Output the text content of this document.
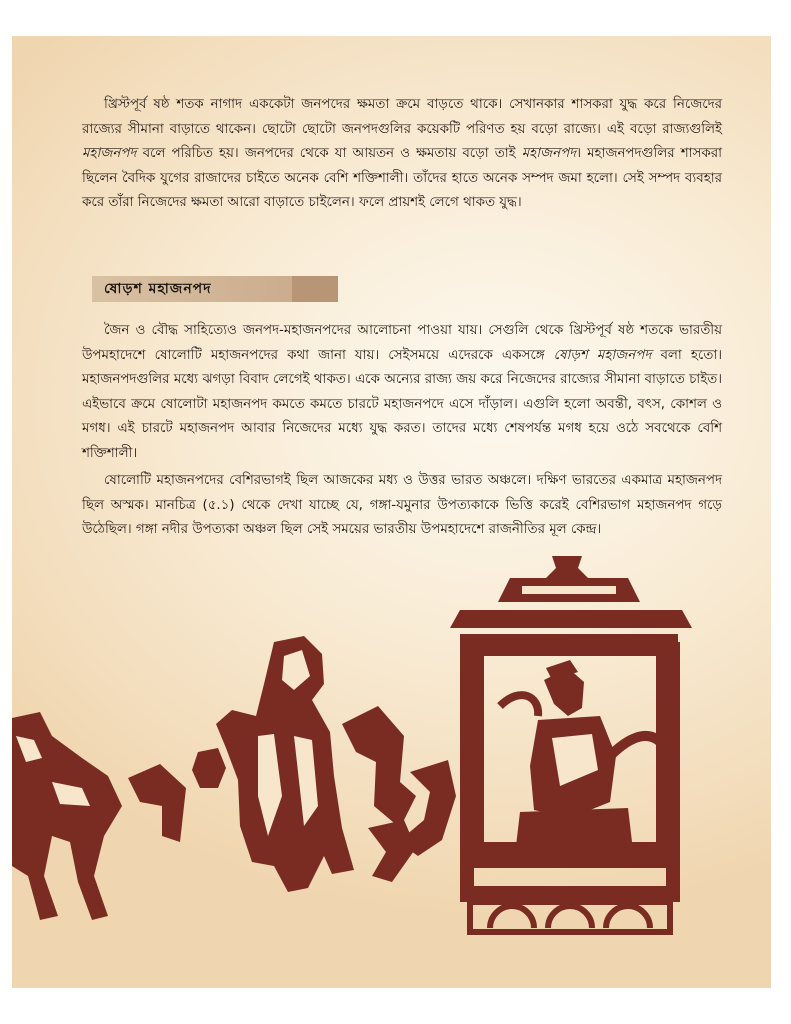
খ্রিস্টপূর্ব ষষ্ঠ শতক নাগাদ এককেটা জনপদের ক্ষমতা ক্রমে বাড়তে থাকে। সেখানকার শাসকরা যুদ্ধ করে নিজেদের রাজ্যের সীমানা বাড়াতে থাকেন। ছোটো ছোটো জনপদগুলির কয়েকটি পরিণত হয় বড়ো রাজ্যে। এই বড়ো রাজ্যগুলিই মহাজনপদ বলে পরিচিত হয়। জনপদের থেকে যা আয়তন ও ক্ষমতায় বড়ো তাই মহাজনপদ। মহাজনপদগুলির শাসকরা ছিলেন বৈদিক যুগের রাজাদের চাইতে অনেক বেশি শক্তিশালী। তাঁদের হাতে অনেক সম্পদ জমা হলো। সেই সম্পদ ব্যবহার করে তাঁরা নিজেদের ক্ষমতা আরো বাড়াতে চাইলেন। ফলে প্রায়শই লেগে থাকত যুদ্ধ।

ষোড়শ মহাজনপদ

জৈন ও বৌদ্ধ সাহিত্যেও জনপদ-মহাজনপদের আলোচনা পাওয়া যায়। সেগুলি থেকে খ্রিস্টপূর্ব ষষ্ঠ শতকে ভারতীয় উপমহাদেশে ষোলোটি মহাজনপদের কথা জানা যায়। সেইসময়ে এদেরকে একসঙ্গে ষোড়শ মহাজনপদ বলা হতো। মহাজনপদগুলির মধ্যে ঝগড়া বিবাদ লেগেই থাকত। একে অন্যের রাজ্য জয় করে নিজেদের রাজ্যের সীমানা বাড়াতে চাইত। এইভাবে ক্রমে ষোলোটা মহাজনপদ কমতে কমতে চারটে মহাজনপদে এসে দাঁড়াল। এগুলি হলো অবন্তী, বৎস, কোশল ও মগধ। এই চারটে মহাজনপদ আবার নিজেদের মধ্যে যুদ্ধ করত। তাদের মধ্যে শেষপর্যন্ত মগধ হয়ে ওঠে সবথেকে বেশি শক্তিশালী।

ষোলোটি মহাজনপদের বেশিরভাগই ছিল আজকের মধ্য ও উত্তর ভারত অঞ্চলে। দক্ষিণ ভারতের একমাত্র মহাজনপদ ছিল অস্মক। মানচিত্র (৫.১) থেকে দেখা যাচ্ছে যে, গঙ্গা-যমুনার উপত্যকাকে ভিত্তি করেই বেশিরভাগ মহাজনপদ গড়ে উঠেছিল। গঙ্গা নদীর উপত্যকা অঞ্চল ছিল সেই সময়ের ভারতীয় উপমহাদেশে রাজনীতির মূল কেন্দ্র।
